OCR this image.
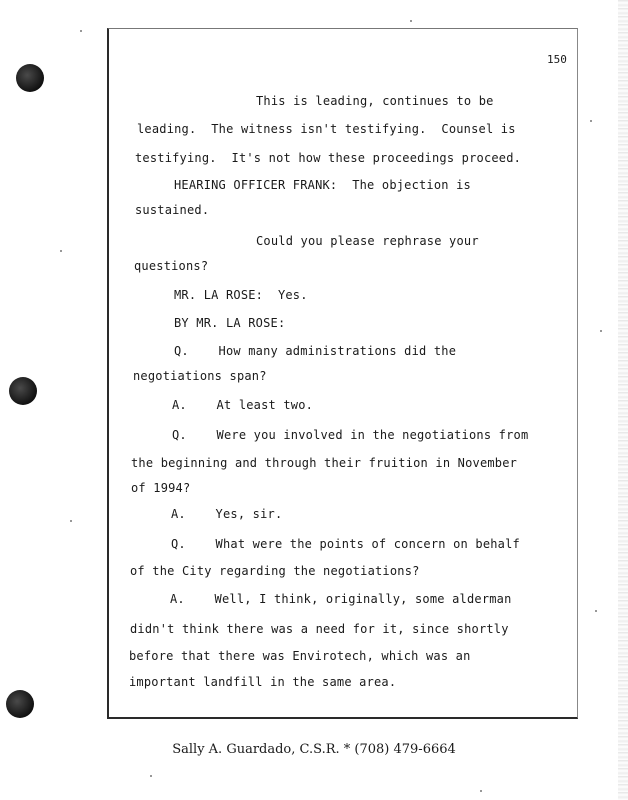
150
This is leading, continues to be
leading.  The witness isn't testifying.  Counsel is
testifying.  It's not how these proceedings proceed.
HEARING OFFICER FRANK:  The objection is
sustained.
Could you please rephrase your
questions?
MR. LA ROSE:  Yes.
BY MR. LA ROSE:
Q.    How many administrations did the
negotiations span?
A.    At least two.
Q.    Were you involved in the negotiations from
the beginning and through their fruition in November
of 1994?
A.    Yes, sir.
Q.    What were the points of concern on behalf
of the City regarding the negotiations?
A.    Well, I think, originally, some alderman
didn't think there was a need for it, since shortly
before that there was Envirotech, which was an
important landfill in the same area.
Sally A. Guardado, C.S.R. * (708) 479-6664
